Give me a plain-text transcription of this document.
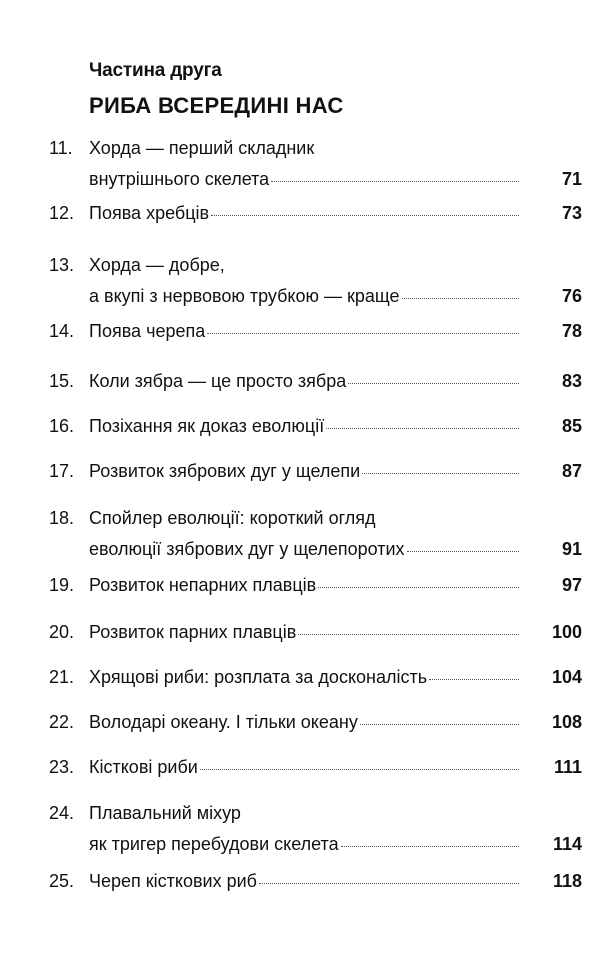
Частина друга
РИБА ВСЕРЕДИНІ НАС
11. Хорда — перший складник
внутрішнього скелета	71
12. Поява хребців	73
13. Хорда — добре,
а вкупі з нервовою трубкою — краще	76
14. Поява черепа	78
15. Коли зябра — це просто зябра	83
16. Позіхання як доказ еволюції	85
17. Розвиток зябрових дуг у щелепи	87
18. Спойлер еволюції: короткий огляд
еволюції зябрових дуг у щелепоротих	91
19. Розвиток непарних плавців	97
20. Розвиток парних плавців	100
21. Хрящові риби: розплата за досконалість	104
22. Володарі океану. І тільки океану	108
23. Кісткові риби	111
24. Плавальний міхур
як тригер перебудови скелета	114
25. Череп кісткових риб	118
